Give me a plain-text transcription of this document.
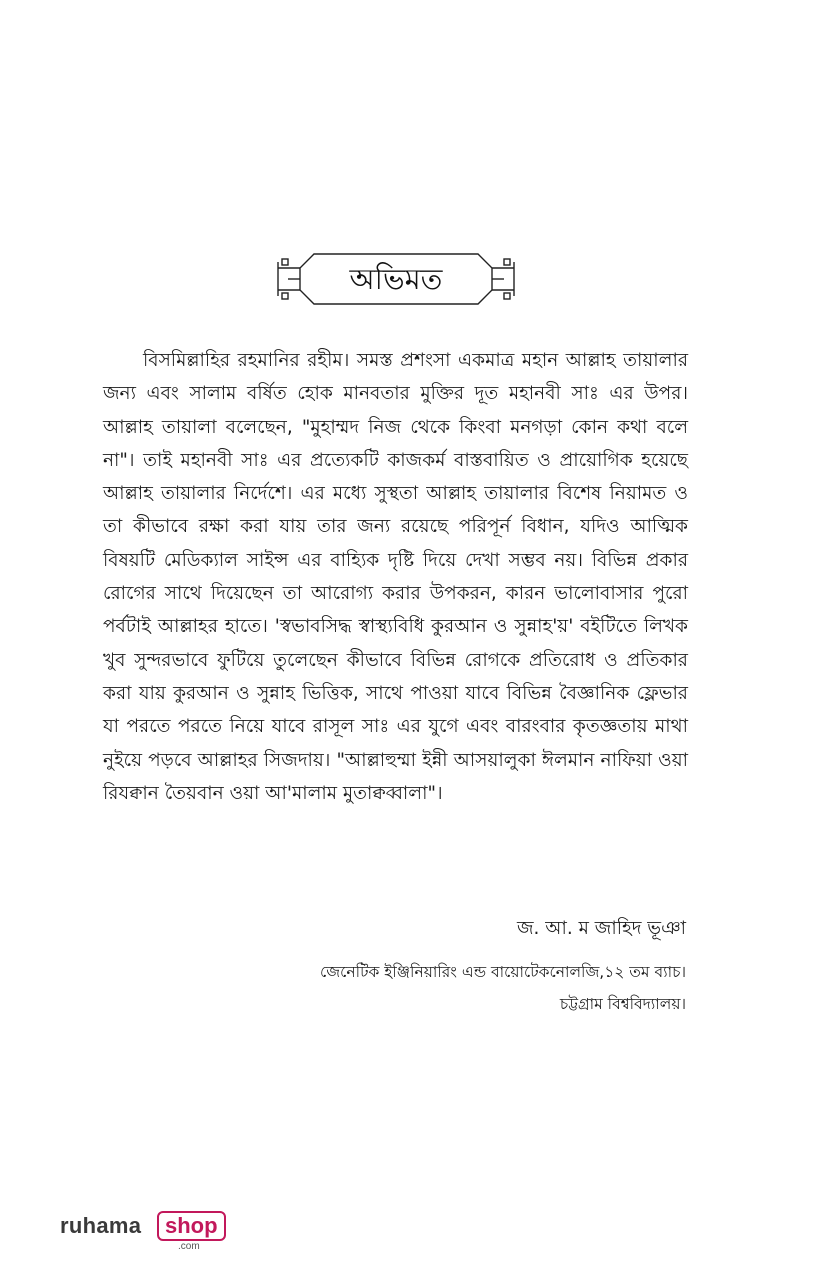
অভিমত

বিসমিল্লাহির রহমানির রহীম। সমস্ত প্রশংসা একমাত্র মহান আল্লাহ তায়ালার জন্য এবং সালাম বর্ষিত হোক মানবতার মুক্তির দূত মহানবী সাঃ এর উপর। আল্লাহ তায়ালা বলেছেন, "মুহাম্মদ নিজ থেকে কিংবা মনগড়া কোন কথা বলে না"। তাই মহানবী সাঃ এর প্রত্যেকটি কাজকর্ম বাস্তবায়িত ও প্রায়োগিক হয়েছে আল্লাহ তায়ালার নির্দেশে। এর মধ্যে সুস্থতা আল্লাহ তায়ালার বিশেষ নিয়ামত ও তা কীভাবে রক্ষা করা যায় তার জন্য রয়েছে পরিপূর্ন বিধান, যদিও আত্মিক বিষয়টি মেডিক্যাল সাইন্স এর বাহ্যিক দৃষ্টি দিয়ে দেখা সম্ভব নয়। বিভিন্ন প্রকার রোগের সাথে দিয়েছেন তা আরোগ্য করার উপকরন, কারন ভালোবাসার পুরো পর্বটাই আল্লাহর হাতে। 'স্বভাবসিদ্ধ স্বাস্থ্যবিধি কুরআন ও সুন্নাহ'য়' বইটিতে লিখক খুব সুন্দরভাবে ফুটিয়ে তুলেছেন কীভাবে বিভিন্ন রোগকে প্রতিরোধ ও প্রতিকার করা যায় কুরআন ও সুন্নাহ ভিত্তিক, সাথে পাওয়া যাবে বিভিন্ন বৈজ্ঞানিক ফ্লেভার যা পরতে পরতে নিয়ে যাবে রাসূল সাঃ এর যুগে এবং বারংবার কৃতজ্ঞতায় মাথা নুইয়ে পড়বে আল্লাহর সিজদায়। "আল্লাহুম্মা ইন্নী আসয়ালুকা ঈলমান নাফিয়া ওয়া রিযক্বান তৈয়বান ওয়া আ'মালাম মুতাক্বব্বালা"।

জ. আ. ম জাহিদ ভূঞা
জেনেটিক ইঞ্জিনিয়ারিং এন্ড বায়োটেকনোলজি,১২ তম ব্যাচ।
চট্টগ্রাম বিশ্ববিদ্যালয়।
ruhama	shop
.com
